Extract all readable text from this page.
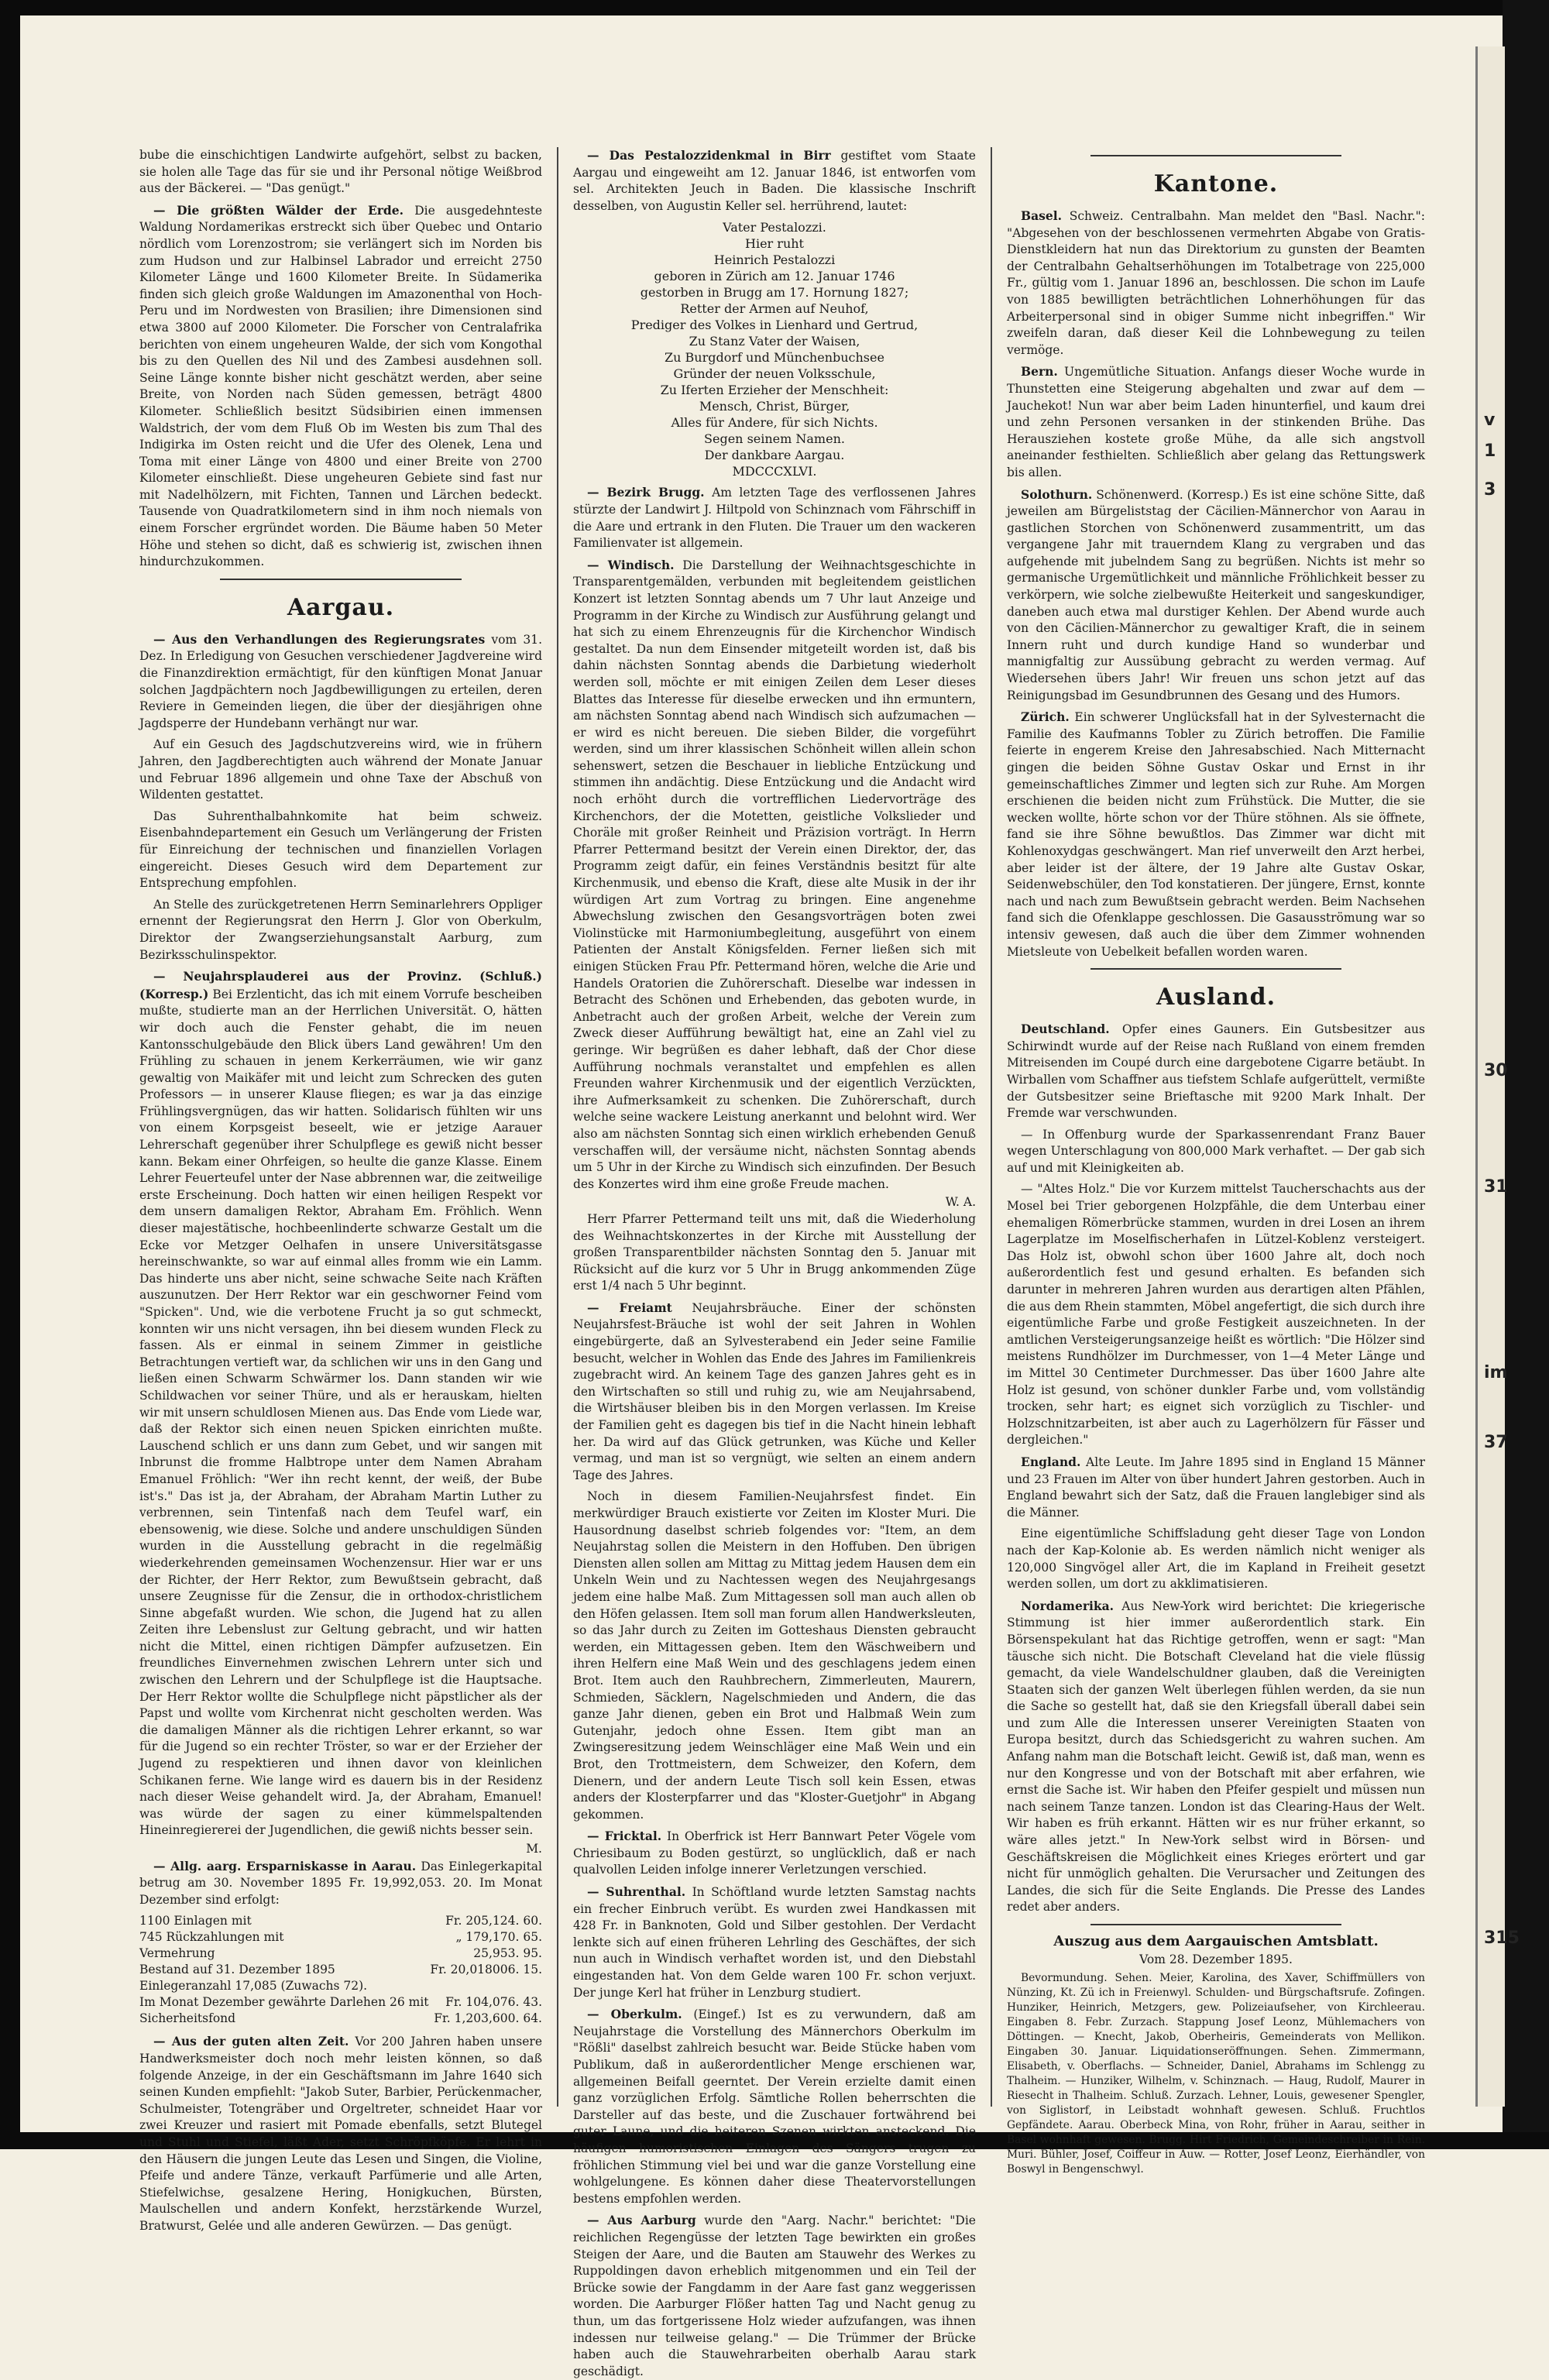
v
1
3
30
31
im
37
315

bube die einschichtigen Landwirte aufgehört, selbst zu backen, sie holen alle Tage das für sie und ihr Personal nötige Weißbrod aus der Bäckerei. — "Das genügt."

— Die größten Wälder der Erde. Die ausgedehnteste Waldung Nordamerikas erstreckt sich über Quebec und Ontario nördlich vom Lorenzostrom; sie verlängert sich im Norden bis zum Hudson und zur Halbinsel Labrador und erreicht 2750 Kilometer Länge und 1600 Kilometer Breite. In Südamerika finden sich gleich große Waldungen im Amazonenthal von Hoch-Peru und im Nordwesten von Brasilien; ihre Dimensionen sind etwa 3800 auf 2000 Kilometer. Die Forscher von Centralafrika berichten von einem ungeheuren Walde, der sich vom Kongothal bis zu den Quellen des Nil und des Zambesi ausdehnen soll. Seine Länge konnte bisher nicht geschätzt werden, aber seine Breite, von Norden nach Süden gemessen, beträgt 4800 Kilometer. Schließlich besitzt Südsibirien einen immensen Waldstrich, der vom dem Fluß Ob im Westen bis zum Thal des Indigirka im Osten reicht und die Ufer des Olenek, Lena und Toma mit einer Länge von 4800 und einer Breite von 2700 Kilometer einschließt. Diese ungeheuren Gebiete sind fast nur mit Nadelhölzern, mit Fichten, Tannen und Lärchen bedeckt. Tausende von Quadratkilometern sind in ihm noch niemals von einem Forscher ergründet worden. Die Bäume haben 50 Meter Höhe und stehen so dicht, daß es schwierig ist, zwischen ihnen hindurchzukommen.

Aargau.

— Aus den Verhandlungen des Regierungsrates vom 31. Dez. In Erledigung von Gesuchen verschiedener Jagdvereine wird die Finanzdirektion ermächtigt, für den künftigen Monat Januar solchen Jagdpächtern noch Jagdbewilligungen zu erteilen, deren Reviere in Gemeinden liegen, die über der diesjährigen ohne Jagdsperre der Hundebann verhängt nur war.

Auf ein Gesuch des Jagdschutzvereins wird, wie in frühern Jahren, den Jagdberechtigten auch während der Monate Januar und Februar 1896 allgemein und ohne Taxe der Abschuß von Wildenten gestattet.

Das Suhrenthalbahnkomite hat beim schweiz. Eisenbahndepartement ein Gesuch um Verlängerung der Fristen für Einreichung der technischen und finanziellen Vorlagen eingereicht. Dieses Gesuch wird dem Departement zur Entsprechung empfohlen.

An Stelle des zurückgetretenen Herrn Seminarlehrers Oppliger ernennt der Regierungsrat den Herrn J. Glor von Oberkulm, Direktor der Zwangserziehungsanstalt Aarburg, zum Bezirksschulinspektor.

— Neujahrsplauderei aus der Provinz. (Schluß.) (Korresp.) Bei Erzlenticht, das ich mit einem Vorrufe bescheiben mußte, studierte man an der Herrlichen Universität. O, hätten wir doch auch die Fenster gehabt, die im neuen Kantonsschulgebäude den Blick übers Land gewähren! Um den Frühling zu schauen in jenem Kerkerräumen, wie wir ganz gewaltig von Maikäfer mit und leicht zum Schrecken des guten Professors — in unserer Klause fliegen; es war ja das einzige Frühlingsvergnügen, das wir hatten. Solidarisch fühlten wir uns von einem Korpsgeist beseelt, wie er jetzige Aarauer Lehrerschaft gegenüber ihrer Schulpflege es gewiß nicht besser kann. Bekam einer Ohrfeigen, so heulte die ganze Klasse. Einem Lehrer Feuerteufel unter der Nase abbrennen war, die zeitweilige erste Erscheinung. Doch hatten wir einen heiligen Respekt vor dem unsern damaligen Rektor, Abraham Em. Fröhlich. Wenn dieser majestätische, hochbeenlinderte schwarze Gestalt um die Ecke vor Metzger Oelhafen in unsere Universitätsgasse hereinschwankte, so war auf einmal alles fromm wie ein Lamm. Das hinderte uns aber nicht, seine schwache Seite nach Kräften auszunutzen. Der Herr Rektor war ein geschworner Feind vom "Spicken". Und, wie die verbotene Frucht ja so gut schmeckt, konnten wir uns nicht versagen, ihn bei diesem wunden Fleck zu fassen. Als er einmal in seinem Zimmer in geistliche Betrachtungen vertieft war, da schlichen wir uns in den Gang und ließen einen Schwarm Schwärmer los. Dann standen wir wie Schildwachen vor seiner Thüre, und als er herauskam, hielten wir mit unsern schuldlosen Mienen aus. Das Ende vom Liede war, daß der Rektor sich einen neuen Spicken einrichten mußte. Lauschend schlich er uns dann zum Gebet, und wir sangen mit Inbrunst die fromme Halbtrope unter dem Namen Abraham Emanuel Fröhlich: "Wer ihn recht kennt, der weiß, der Bube ist's." Das ist ja, der Abraham, der Abraham Martin Luther zu verbrennen, sein Tintenfaß nach dem Teufel warf, ein ebensowenig, wie diese. Solche und andere unschuldigen Sünden wurden in die Ausstellung gebracht in die regelmäßig wiederkehrenden gemeinsamen Wochenzensur. Hier war er uns der Richter, der Herr Rektor, zum Bewußtsein gebracht, daß unsere Zeugnisse für die Zensur, die in orthodox-christlichem Sinne abgefaßt wurden. Wie schon, die Jugend hat zu allen Zeiten ihre Lebenslust zur Geltung gebracht, und wir hatten nicht die Mittel, einen richtigen Dämpfer aufzusetzen. Ein freundliches Einvernehmen zwischen Lehrern unter sich und zwischen den Lehrern und der Schulpflege ist die Hauptsache. Der Herr Rektor wollte die Schulpflege nicht päpstlicher als der Papst und wollte vom Kirchenrat nicht gescholten werden. Was die damaligen Männer als die richtigen Lehrer erkannt, so war für die Jugend so ein rechter Tröster, so war er der Erzieher der Jugend zu respektieren und ihnen davor von kleinlichen Schikanen ferne. Wie lange wird es dauern bis in der Residenz nach dieser Weise gehandelt wird. Ja, der Abraham, Emanuel! was würde der sagen zu einer kümmelspaltenden Hineinregiererei der Jugendlichen, die gewiß nichts besser sein.

M.

— Allg. aarg. Ersparniskasse in Aarau. Das Einlegerkapital betrug am 30. November 1895 Fr. 19,992,053. 20. Im Monat Dezember sind erfolgt:

1100 Einlagen mit	Fr. 205,124. 60.
745 Rückzahlungen mit	„ 179,170. 65.
Vermehrung	25,953. 95.
Bestand auf 31. Dezember 1895	Fr. 20,018006. 15.
Einlegeranzahl 17,085 (Zuwachs 72).
Im Monat Dezember gewährte Darlehen 26 mit Fr. 104,076. 43.
Sicherheitsfond	Fr. 1,203,600. 64.

— Aus der guten alten Zeit. Vor 200 Jahren haben unsere Handwerksmeister doch noch mehr leisten können, so daß folgende Anzeige, in der ein Geschäftsmann im Jahre 1640 sich seinen Kunden empfiehlt: "Jakob Suter, Barbier, Perückenmacher, Schulmeister, Totengräber und Orgeltreter, schneidet Haar vor zwei Kreuzer und rasiert mit Pomade ebenfalls, setzt Blutegel und Stuhl und Stiefel, läßt Ader, setzt Schröpfköpfe. Er lehrt in den Häusern die jungen Leute das Lesen und Singen, die Violine, Pfeife und andere Tänze, verkauft Parfümerie und alle Arten, Stiefelwichse, gesalzene Hering, Honigkuchen, Bürsten, Maulschellen und andern Konfekt, herzstärkende Wurzel, Bratwurst, Gelée und alle anderen Gewürzen. — Das genügt.

— Das Pestalozzidenkmal in Birr gestiftet vom Staate Aargau und eingeweiht am 12. Januar 1846, ist entworfen vom sel. Architekten Jeuch in Baden. Die klassische Inschrift desselben, von Augustin Keller sel. herrührend, lautet:

Vater Pestalozzi.
Hier ruht
Heinrich Pestalozzi
geboren in Zürich am 12. Januar 1746
gestorben in Brugg am 17. Hornung 1827;
Retter der Armen auf Neuhof,
Prediger des Volkes in Lienhard und Gertrud,
Zu Stanz Vater der Waisen,
Zu Burgdorf und Münchenbuchsee
Gründer der neuen Volksschule,
Zu Iferten Erzieher der Menschheit:
Mensch, Christ, Bürger,
Alles für Andere, für sich Nichts.
Segen seinem Namen.
Der dankbare Aargau.
MDCCCXLVI.

— Bezirk Brugg. Am letzten Tage des verflossenen Jahres stürzte der Landwirt J. Hiltpold von Schinznach vom Fährschiff in die Aare und ertrank in den Fluten. Die Trauer um den wackeren Familienvater ist allgemein.

— Windisch. Die Darstellung der Weihnachtsgeschichte in Transparentgemälden, verbunden mit begleitendem geistlichen Konzert ist letzten Sonntag abends um 7 Uhr laut Anzeige und Programm in der Kirche zu Windisch zur Ausführung gelangt und hat sich zu einem Ehrenzeugnis für die Kirchenchor Windisch gestaltet. Da nun dem Einsender mitgeteilt worden ist, daß bis dahin nächsten Sonntag abends die Darbietung wiederholt werden soll, möchte er mit einigen Zeilen dem Leser dieses Blattes das Interesse für dieselbe erwecken und ihn ermuntern, am nächsten Sonntag abend nach Windisch sich aufzumachen — er wird es nicht bereuen. Die sieben Bilder, die vorgeführt werden, sind um ihrer klassischen Schönheit willen allein schon sehenswert, setzen die Beschauer in liebliche Entzückung und stimmen ihn andächtig. Diese Entzückung und die Andacht wird noch erhöht durch die vortrefflichen Liedervorträge des Kirchenchors, der die Motetten, geistliche Volkslieder und Choräle mit großer Reinheit und Präzision vorträgt. In Herrn Pfarrer Pettermand besitzt der Verein einen Direktor, der, das Programm zeigt dafür, ein feines Verständnis besitzt für alte Kirchenmusik, und ebenso die Kraft, diese alte Musik in der ihr würdigen Art zum Vortrag zu bringen. Eine angenehme Abwechslung zwischen den Gesangsvorträgen boten zwei Violinstücke mit Harmoniumbegleitung, ausgeführt von einem Patienten der Anstalt Königsfelden. Ferner ließen sich mit einigen Stücken Frau Pfr. Pettermand hören, welche die Arie und Handels Oratorien die Zuhörerschaft. Dieselbe war indessen in Betracht des Schönen und Erhebenden, das geboten wurde, in Anbetracht auch der großen Arbeit, welche der Verein zum Zweck dieser Aufführung bewältigt hat, eine an Zahl viel zu geringe. Wir begrüßen es daher lebhaft, daß der Chor diese Aufführung nochmals veranstaltet und empfehlen es allen Freunden wahrer Kirchenmusik und der eigentlich Verzückten, ihre Aufmerksamkeit zu schenken. Die Zuhörerschaft, durch welche seine wackere Leistung anerkannt und belohnt wird. Wer also am nächsten Sonntag sich einen wirklich erhebenden Genuß verschaffen will, der versäume nicht, nächsten Sonntag abends um 5 Uhr in der Kirche zu Windisch sich einzufinden. Der Besuch des Konzertes wird ihm eine große Freude machen.

W. A.

Herr Pfarrer Pettermand teilt uns mit, daß die Wiederholung des Weihnachtskonzertes in der Kirche mit Ausstellung der großen Transparentbilder nächsten Sonntag den 5. Januar mit Rücksicht auf die kurz vor 5 Uhr in Brugg ankommenden Züge erst 1/4 nach 5 Uhr beginnt.

— Freiamt Neujahrsbräuche. Einer der schönsten Neujahrsfest-Bräuche ist wohl der seit Jahren in Wohlen eingebürgerte, daß an Sylvesterabend ein Jeder seine Familie besucht, welcher in Wohlen das Ende des Jahres im Familienkreis zugebracht wird. An keinem Tage des ganzen Jahres geht es in den Wirtschaften so still und ruhig zu, wie am Neujahrsabend, die Wirtshäuser bleiben bis in den Morgen verlassen. Im Kreise der Familien geht es dagegen bis tief in die Nacht hinein lebhaft her. Da wird auf das Glück getrunken, was Küche und Keller vermag, und man ist so vergnügt, wie selten an einem andern Tage des Jahres.

Noch in diesem Familien-Neujahrsfest findet. Ein merkwürdiger Brauch existierte vor Zeiten im Kloster Muri. Die Hausordnung daselbst schrieb folgendes vor: "Item, an dem Neujahrstag sollen die Meistern in den Hoffuben. Den übrigen Diensten allen sollen am Mittag zu Mittag jedem Hausen dem ein Unkeln Wein und zu Nachtessen wegen des Neujahrgesangs jedem eine halbe Maß. Zum Mittagessen soll man auch allen ob den Höfen gelassen. Item soll man forum allen Handwerksleuten, so das Jahr durch zu Zeiten im Gotteshaus Diensten gebraucht werden, ein Mittagessen geben. Item den Wäschweibern und ihren Helfern eine Maß Wein und des geschlagens jedem einen Brot. Item auch den Rauhbrechern, Zimmerleuten, Maurern, Schmieden, Säcklern, Nagelschmieden und Andern, die das ganze Jahr dienen, geben ein Brot und Halbmaß Wein zum Gutenjahr, jedoch ohne Essen. Item gibt man an Zwingseresitzung jedem Weinschläger eine Maß Wein und ein Brot, den Trottmeistern, dem Schweizer, den Kofern, dem Dienern, und der andern Leute Tisch soll kein Essen, etwas anders der Klosterpfarrer und das "Kloster-Guetjohr" in Abgang gekommen.

— Fricktal. In Oberfrick ist Herr Bannwart Peter Vögele vom Chriesibaum zu Boden gestürzt, so unglücklich, daß er nach qualvollen Leiden infolge innerer Verletzungen verschied.

— Suhrenthal. In Schöftland wurde letzten Samstag nachts ein frecher Einbruch verübt. Es wurden zwei Handkassen mit 428 Fr. in Banknoten, Gold und Silber gestohlen. Der Verdacht lenkte sich auf einen früheren Lehrling des Geschäftes, der sich nun auch in Windisch verhaftet worden ist, und den Diebstahl eingestanden hat. Von dem Gelde waren 100 Fr. schon verjuxt. Der junge Kerl hat früher in Lenzburg studiert.

— Oberkulm. (Eingef.) Ist es zu verwundern, daß am Neujahrstage die Vorstellung des Männerchors Oberkulm im "Rößli" daselbst zahlreich besucht war. Beide Stücke haben vom Publikum, daß in außerordentlicher Menge erschienen war, allgemeinen Beifall geerntet. Der Verein erzielte damit einen ganz vorzüglichen Erfolg. Sämtliche Rollen beherrschten die Darsteller auf das beste, und die Zuschauer fortwährend bei guter Laune, und die heiteren Szenen wirkten ansteckend. Die häufigen humoristischen Einlagen des Sängers trugen zu fröhlichen Stimmung viel bei und war die ganze Vorstellung eine wohlgelungene. Es können daher diese Theatervorstellungen bestens empfohlen werden.

— Aus Aarburg wurde den "Aarg. Nachr." berichtet: "Die reichlichen Regengüsse der letzten Tage bewirkten ein großes Steigen der Aare, und die Bauten am Stauwehr des Werkes zu Ruppoldingen davon erheblich mitgenommen und ein Teil der Brücke sowie der Fangdamm in der Aare fast ganz weggerissen worden. Die Aarburger Flößer hatten Tag und Nacht genug zu thun, um das fortgerissene Holz wieder aufzufangen, was ihnen indessen nur teilweise gelang." — Die Trümmer der Brücke haben auch die Stauwehrarbeiten oberhalb Aarau stark geschädigt.

Kantone.

Basel. Schweiz. Centralbahn. Man meldet den "Basl. Nachr.": "Abgesehen von der beschlossenen vermehrten Abgabe von Gratis-Dienstkleidern hat nun das Direktorium zu gunsten der Beamten der Centralbahn Gehaltserhöhungen im Totalbetrage von 225,000 Fr., gültig vom 1. Januar 1896 an, beschlossen. Die schon im Laufe von 1885 bewilligten beträchtlichen Lohnerhöhungen für das Arbeiterpersonal sind in obiger Summe nicht inbegriffen." Wir zweifeln daran, daß dieser Keil die Lohnbewegung zu teilen vermöge.

Bern. Ungemütliche Situation. Anfangs dieser Woche wurde in Thunstetten eine Steigerung abgehalten und zwar auf dem — Jauchekot! Nun war aber beim Laden hinunterfiel, und kaum drei und zehn Personen versanken in der stinkenden Brühe. Das Herausziehen kostete große Mühe, da alle sich angstvoll aneinander festhielten. Schließlich aber gelang das Rettungswerk bis allen.

Solothurn. Schönenwerd. (Korresp.) Es ist eine schöne Sitte, daß jeweilen am Bürgeliststag der Cäcilien-Männerchor von Aarau in gastlichen Storchen von Schönenwerd zusammentritt, um das vergangene Jahr mit trauerndem Klang zu vergraben und das aufgehende mit jubelndem Sang zu begrüßen. Nichts ist mehr so germanische Urgemütlichkeit und männliche Fröhlichkeit besser zu verkörpern, wie solche zielbewußte Heiterkeit und sangeskundiger, daneben auch etwa mal durstiger Kehlen. Der Abend wurde auch von den Cäcilien-Männerchor zu gewaltiger Kraft, die in seinem Innern ruht und durch kundige Hand so wunderbar und mannigfaltig zur Aussübung gebracht zu werden vermag. Auf Wiedersehen übers Jahr! Wir freuen uns schon jetzt auf das Reinigungsbad im Gesundbrunnen des Gesang und des Humors.

Zürich. Ein schwerer Unglücksfall hat in der Sylvesternacht die Familie des Kaufmanns Tobler zu Zürich betroffen. Die Familie feierte in engerem Kreise den Jahresabschied. Nach Mitternacht gingen die beiden Söhne Gustav Oskar und Ernst in ihr gemeinschaftliches Zimmer und legten sich zur Ruhe. Am Morgen erschienen die beiden nicht zum Frühstück. Die Mutter, die sie wecken wollte, hörte schon vor der Thüre stöhnen. Als sie öffnete, fand sie ihre Söhne bewußtlos. Das Zimmer war dicht mit Kohlenoxydgas geschwängert. Man rief unverweilt den Arzt herbei, aber leider ist der ältere, der 19 Jahre alte Gustav Oskar, Seidenwebschüler, den Tod konstatieren. Der jüngere, Ernst, konnte nach und nach zum Bewußtsein gebracht werden. Beim Nachsehen fand sich die Ofenklappe geschlossen. Die Gasausströmung war so intensiv gewesen, daß auch die über dem Zimmer wohnenden Mietsleute von Uebelkeit befallen worden waren.

Ausland.

Deutschland. Opfer eines Gauners. Ein Gutsbesitzer aus Schirwindt wurde auf der Reise nach Rußland von einem fremden Mitreisenden im Coupé durch eine dargebotene Cigarre betäubt. In Wirballen vom Schaffner aus tiefstem Schlafe aufgerüttelt, vermißte der Gutsbesitzer seine Brieftasche mit 9200 Mark Inhalt. Der Fremde war verschwunden.

— In Offenburg wurde der Sparkassenrendant Franz Bauer wegen Unterschlagung von 800,000 Mark verhaftet. — Der gab sich auf und mit Kleinigkeiten ab.

— "Altes Holz." Die vor Kurzem mittelst Taucherschachts aus der Mosel bei Trier geborgenen Holzpfähle, die dem Unterbau einer ehemaligen Römerbrücke stammen, wurden in drei Losen an ihrem Lagerplatze im Moselfischerhafen in Lützel-Koblenz versteigert. Das Holz ist, obwohl schon über 1600 Jahre alt, doch noch außerordentlich fest und gesund erhalten. Es befanden sich darunter in mehreren Jahren wurden aus derartigen alten Pfählen, die aus dem Rhein stammten, Möbel angefertigt, die sich durch ihre eigentümliche Farbe und große Festigkeit auszeichneten. In der amtlichen Versteigerungsanzeige heißt es wörtlich: "Die Hölzer sind meistens Rundhölzer im Durchmesser, von 1—4 Meter Länge und im Mittel 30 Centimeter Durchmesser. Das über 1600 Jahre alte Holz ist gesund, von schöner dunkler Farbe und, vom vollständig trocken, sehr hart; es eignet sich vorzüglich zu Tischler- und Holzschnitzarbeiten, ist aber auch zu Lagerhölzern für Fässer und dergleichen."

England. Alte Leute. Im Jahre 1895 sind in England 15 Männer und 23 Frauen im Alter von über hundert Jahren gestorben. Auch in England bewahrt sich der Satz, daß die Frauen langlebiger sind als die Männer.

Eine eigentümliche Schiffsladung geht dieser Tage von London nach der Kap-Kolonie ab. Es werden nämlich nicht weniger als 120,000 Singvögel aller Art, die im Kapland in Freiheit gesetzt werden sollen, um dort zu akklimatisieren.

Nordamerika. Aus New-York wird berichtet: Die kriegerische Stimmung ist hier immer außerordentlich stark. Ein Börsenspekulant hat das Richtige getroffen, wenn er sagt: "Man täusche sich nicht. Die Botschaft Cleveland hat die viele flüssig gemacht, da viele Wandelschuldner glauben, daß die Vereinigten Staaten sich der ganzen Welt überlegen fühlen werden, da sie nun die Sache so gestellt hat, daß sie den Kriegsfall überall dabei sein und zum Alle die Interessen unserer Vereinigten Staaten von Europa besitzt, durch das Schiedsgericht zu wahren suchen. Am Anfang nahm man die Botschaft leicht. Gewiß ist, daß man, wenn es nur den Kongresse und von der Botschaft mit aber erfahren, wie ernst die Sache ist. Wir haben den Pfeifer gespielt und müssen nun nach seinem Tanze tanzen. London ist das Clearing-Haus der Welt. Wir haben es früh erkannt. Hätten wir es nur früher erkannt, so wäre alles jetzt." In New-York selbst wird in Börsen- und Geschäftskreisen die Möglichkeit eines Krieges erörtert und gar nicht für unmöglich gehalten. Die Verursacher und Zeitungen des Landes, die sich für die Seite Englands. Die Presse des Landes redet aber anders.

Auszug aus dem Aargauischen Amtsblatt.

Vom 28. Dezember 1895.

Bevormundung. Sehen. Meier, Karolina, des Xaver, Schiffmüllers von Nünzing, Kt. Zü ich in Freienwyl. Schulden- und Bürgschaftsrufe. Zofingen. Hunziker, Heinrich, Metzgers, gew. Polizeiaufseher, von Kirchleerau. Eingaben 8. Febr. Zurzach. Stappung Josef Leonz, Mühlemachers von Döttingen. — Knecht, Jakob, Oberheiris, Gemeinderats von Mellikon. Eingaben 30. Januar. Liquidationseröffnungen. Sehen. Zimmermann, Elisabeth, v. Oberflachs. — Schneider, Daniel, Abrahams im Schlengg zu Thalheim. — Hunziker, Wilhelm, v. Schinznach. — Haug, Rudolf, Maurer in Riesecht in Thalheim. Schluß. Zurzach. Lehner, Louis, gewesener Spengler, von Siglistorf, in Leibstadt wohnhaft gewesen. Schluß. Fruchtlos Gepfändete. Aarau. Oberbeck Mina, von Rohr, früher in Aarau, seither in Basel wohnhaft gewesen. Brugg. Hirt Friedrich, Gemeindeschreiber in Rein. Muri. Bühler, Josef, Coiffeur in Auw. — Rotter, Josef Leonz, Eierhändler, von Boswyl in Bengenschwyl.
